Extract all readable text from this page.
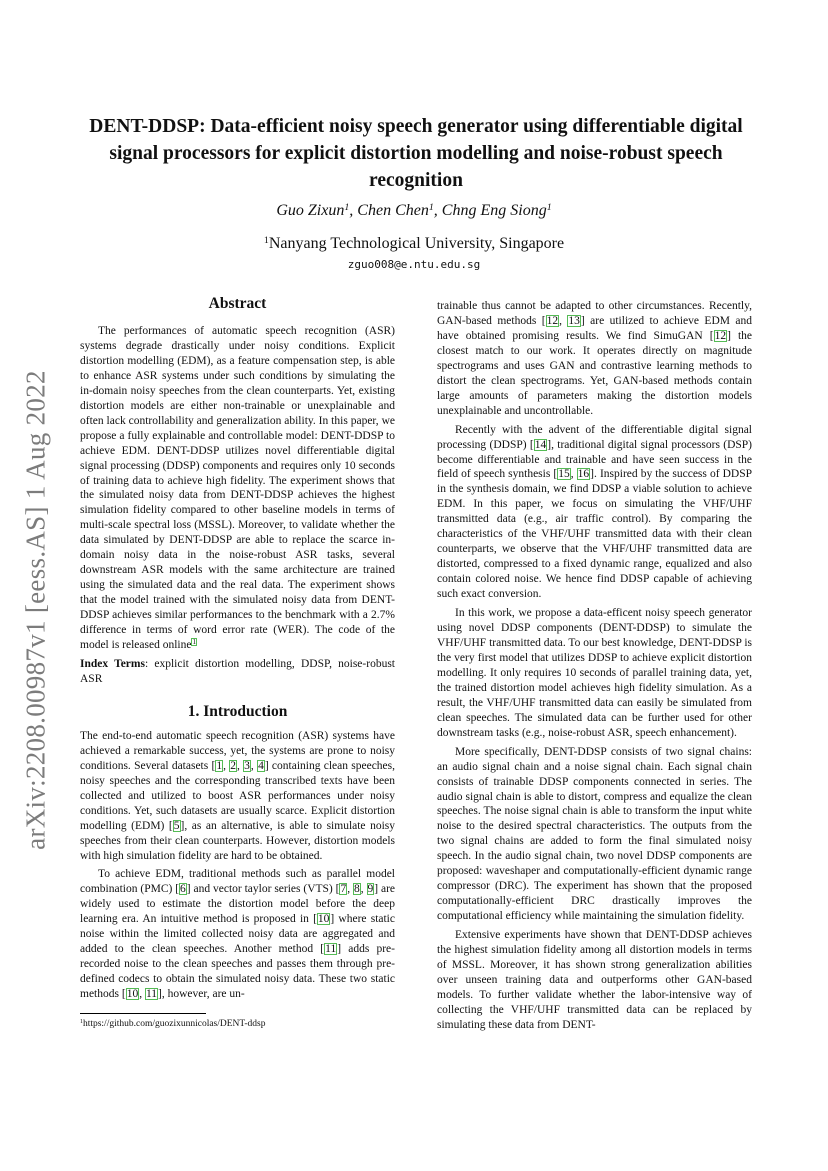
arXiv:2208.00987v1 [eess.AS] 1 Aug 2022
DENT-DDSP: Data-efficient noisy speech generator using differentiable digital signal processors for explicit distortion modelling and noise-robust speech recognition

Guo Zixun$^1$, Chen Chen$^1$, Chng Eng Siong$^1$

$^1$Nanyang Technological University, Singapore

zguo008@e.ntu.edu.sg

Abstract

The performances of automatic speech recognition (ASR) systems degrade drastically under noisy conditions. Explicit distortion modelling (EDM), as a feature compensation step, is able to enhance ASR systems under such conditions by simulating the in-domain noisy speeches from the clean counterparts. Yet, existing distortion models are either non-trainable or unexplainable and often lack controllability and generalization ability. In this paper, we propose a fully explainable and controllable model: DENT-DDSP to achieve EDM. DENT-DDSP utilizes novel differentiable digital signal processing (DDSP) components and requires only 10 seconds of training data to achieve high fidelity. The experiment shows that the simulated noisy data from DENT-DDSP achieves the highest simulation fidelity compared to other baseline models in terms of multi-scale spectral loss (MSSL). Moreover, to validate whether the data simulated by DENT-DDSP are able to replace the scarce in-domain noisy data in the noise-robust ASR tasks, several downstream ASR models with the same architecture are trained using the simulated data and the real data. The experiment shows that the model trained with the simulated noisy data from DENT-DDSP achieves similar performances to the benchmark with a 2.7% difference in terms of word error rate (WER). The code of the model is released online$^1$

Index Terms: explicit distortion modelling, DDSP, noise-robust ASR

1. Introduction

The end-to-end automatic speech recognition (ASR) systems have achieved a remarkable success, yet, the systems are prone to noisy conditions. Several datasets [1, 2, 3, 4] containing clean speeches, noisy speeches and the corresponding transcribed texts have been collected and utilized to boost ASR performances under noisy conditions. Yet, such datasets are usually scarce. Explicit distortion modelling (EDM) [5], as an alternative, is able to simulate noisy speeches from their clean counterparts. However, distortion models with high simulation fidelity are hard to be obtained.

To achieve EDM, traditional methods such as parallel model combination (PMC) [6] and vector taylor series (VTS) [7, 8, 9] are widely used to estimate the distortion model before the deep learning era. An intuitive method is proposed in [10] where static noise within the limited collected noisy data are aggregated and added to the clean speeches. Another method [11] adds pre-recorded noise to the clean speeches and passes them through pre-defined codecs to obtain the simulated noisy data. These two static methods [10, 11], however, are un-

$^1$https://github.com/guozixunnicolas/DENT-ddsp

trainable thus cannot be adapted to other circumstances. Recently, GAN-based methods [12, 13] are utilized to achieve EDM and have obtained promising results. We find SimuGAN [12] the closest match to our work. It operates directly on magnitude spectrograms and uses GAN and contrastive learning methods to distort the clean spectrograms. Yet, GAN-based methods contain large amounts of parameters making the distortion models unexplainable and uncontrollable.

Recently with the advent of the differentiable digital signal processing (DDSP) [14], traditional digital signal processors (DSP) become differentiable and trainable and have seen success in the field of speech synthesis [15, 16]. Inspired by the success of DDSP in the synthesis domain, we find DDSP a viable solution to achieve EDM. In this paper, we focus on simulating the VHF/UHF transmitted data (e.g., air traffic control). By comparing the characteristics of the VHF/UHF transmitted data with their clean counterparts, we observe that the VHF/UHF transmitted data are distorted, compressed to a fixed dynamic range, equalized and also contain colored noise. We hence find DDSP capable of achieving such exact conversion.

In this work, we propose a data-efficent noisy speech generator using novel DDSP components (DENT-DDSP) to simulate the VHF/UHF transmitted data. To our best knowledge, DENT-DDSP is the very first model that utilizes DDSP to achieve explicit distortion modelling. It only requires 10 seconds of parallel training data, yet, the trained distortion model achieves high fidelity simulation. As a result, the VHF/UHF transmitted data can easily be simulated from clean speeches. The simulated data can be further used for other downstream tasks (e.g., noise-robust ASR, speech enhancement).

More specifically, DENT-DDSP consists of two signal chains: an audio signal chain and a noise signal chain. Each signal chain consists of trainable DDSP components connected in series. The audio signal chain is able to distort, compress and equalize the clean speeches. The noise signal chain is able to transform the input white noise to the desired spectral characteristics. The outputs from the two signal chains are added to form the final simulated noisy speech. In the audio signal chain, two novel DDSP components are proposed: waveshaper and computationally-efficient dynamic range compressor (DRC). The experiment has shown that the proposed computationally-efficient DRC drastically improves the computational efficiency while maintaining the simulation fidelity.

Extensive experiments have shown that DENT-DDSP achieves the highest simulation fidelity among all distortion models in terms of MSSL. Moreover, it has shown strong generalization abilities over unseen training data and outperforms other GAN-based models. To further validate whether the labor-intensive way of collecting the VHF/UHF transmitted data can be replaced by simulating these data from DENT-
